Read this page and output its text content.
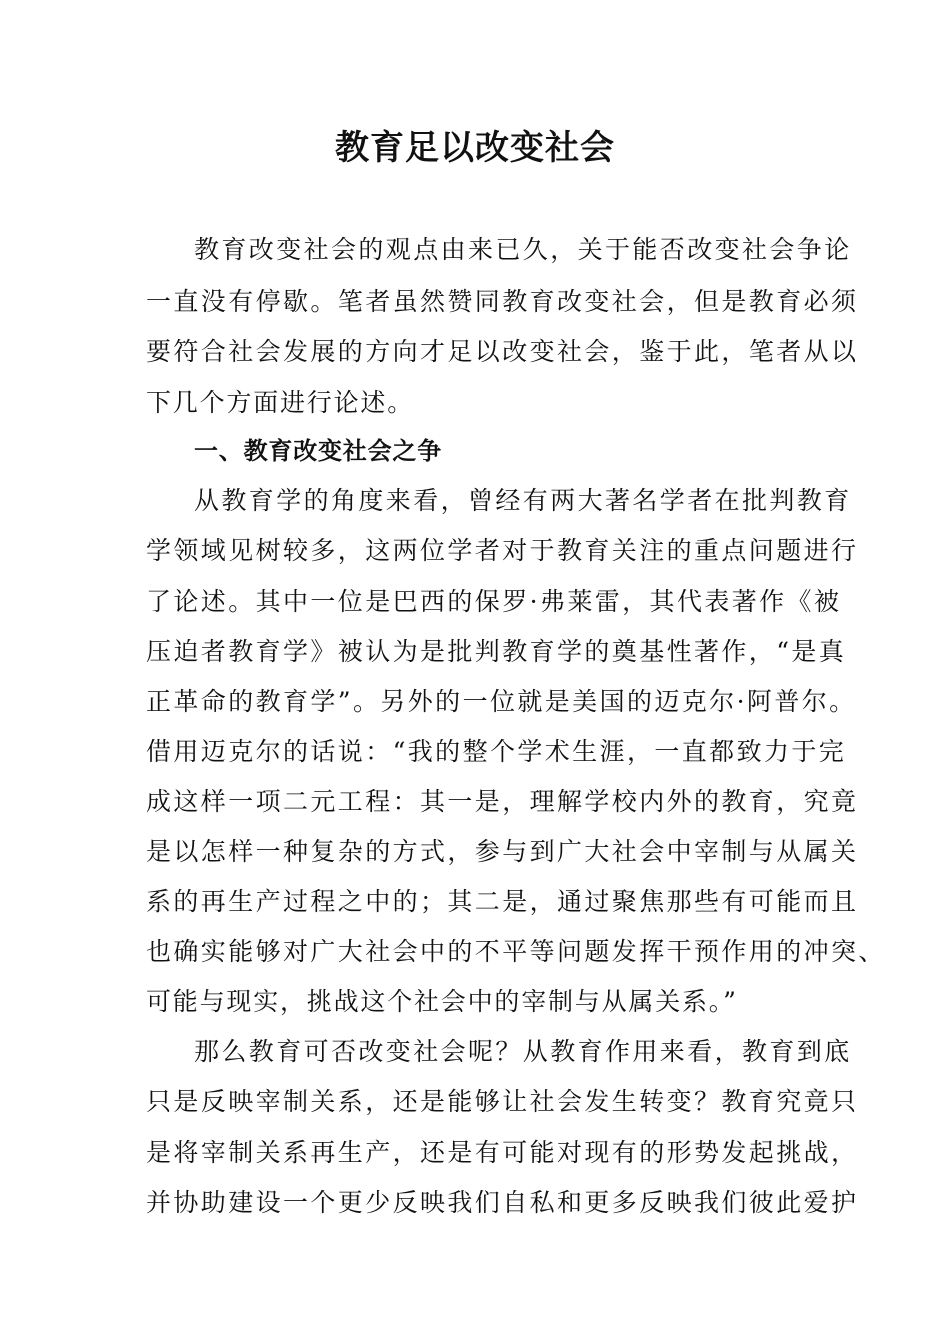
教育足以改变社会
教育改变社会的观点由来已久，关于能否改变社会争论
一直没有停歇。笔者虽然赞同教育改变社会，但是教育必须
要符合社会发展的方向才足以改变社会，鉴于此，笔者从以
下几个方面进行论述。
一、教育改变社会之争
从教育学的角度来看，曾经有两大著名学者在批判教育
学领域见树较多，这两位学者对于教育关注的重点问题进行
了论述。其中一位是巴西的保罗·弗莱雷，其代表著作《被
压迫者教育学》被认为是批判教育学的奠基性著作，“是真
正革命的教育学”。另外的一位就是美国的迈克尔·阿普尔。
借用迈克尔的话说：“我的整个学术生涯，一直都致力于完
成这样一项二元工程：其一是，理解学校内外的教育，究竟
是以怎样一种复杂的方式，参与到广大社会中宰制与从属关
系的再生产过程之中的；其二是，通过聚焦那些有可能而且
也确实能够对广大社会中的不平等问题发挥干预作用的冲突、
可能与现实，挑战这个社会中的宰制与从属关系。”
那么教育可否改变社会呢？从教育作用来看，教育到底
只是反映宰制关系，还是能够让社会发生转变？教育究竟只
是将宰制关系再生产，还是有可能对现有的形势发起挑战，
并协助建设一个更少反映我们自私和更多反映我们彼此爱护
